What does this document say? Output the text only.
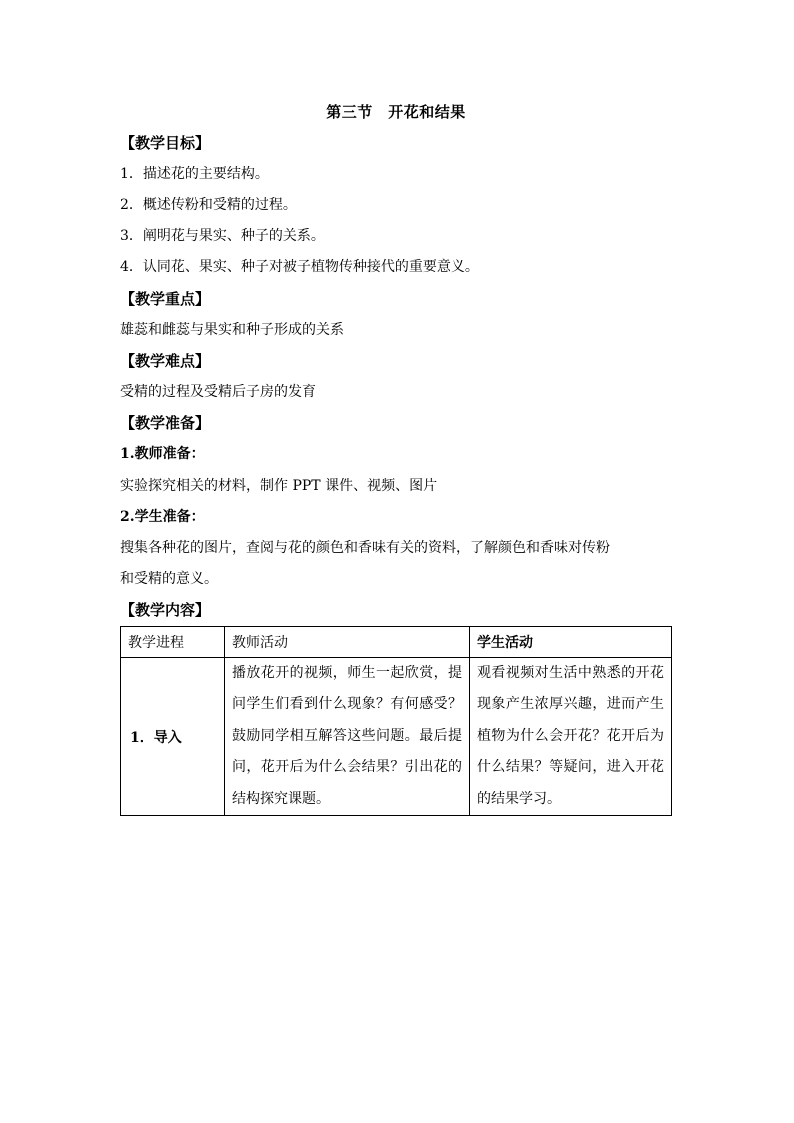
第三节　开花和结果
【教学目标】
1．描述花的主要结构。
2．概述传粉和受精的过程。
3．阐明花与果实、种子的关系。
4．认同花、果实、种子对被子植物传种接代的重要意义。
【教学重点】
雄蕊和雌蕊与果实和种子形成的关系
【教学难点】
受精的过程及受精后子房的发育
【教学准备】
1.教师准备：
实验探究相关的材料，制作 PPT 课件、视频、图片
2.学生准备：
搜集各种花的图片，查阅与花的颜色和香味有关的资料，了解颜色和香味对传粉
和受精的意义。
【教学内容】
教学进程	教师活动	学生活动
1．导入	播放花开的视频，师生一起欣赏，提问学生们看到什么现象？有何感受？鼓励同学相互解答这些问题。最后提问，花开后为什么会结果？引出花的结构探究课题。	观看视频对生活中熟悉的开花现象产生浓厚兴趣，进而产生植物为什么会开花？花开后为什么结果？等疑问，进入开花的结果学习。
